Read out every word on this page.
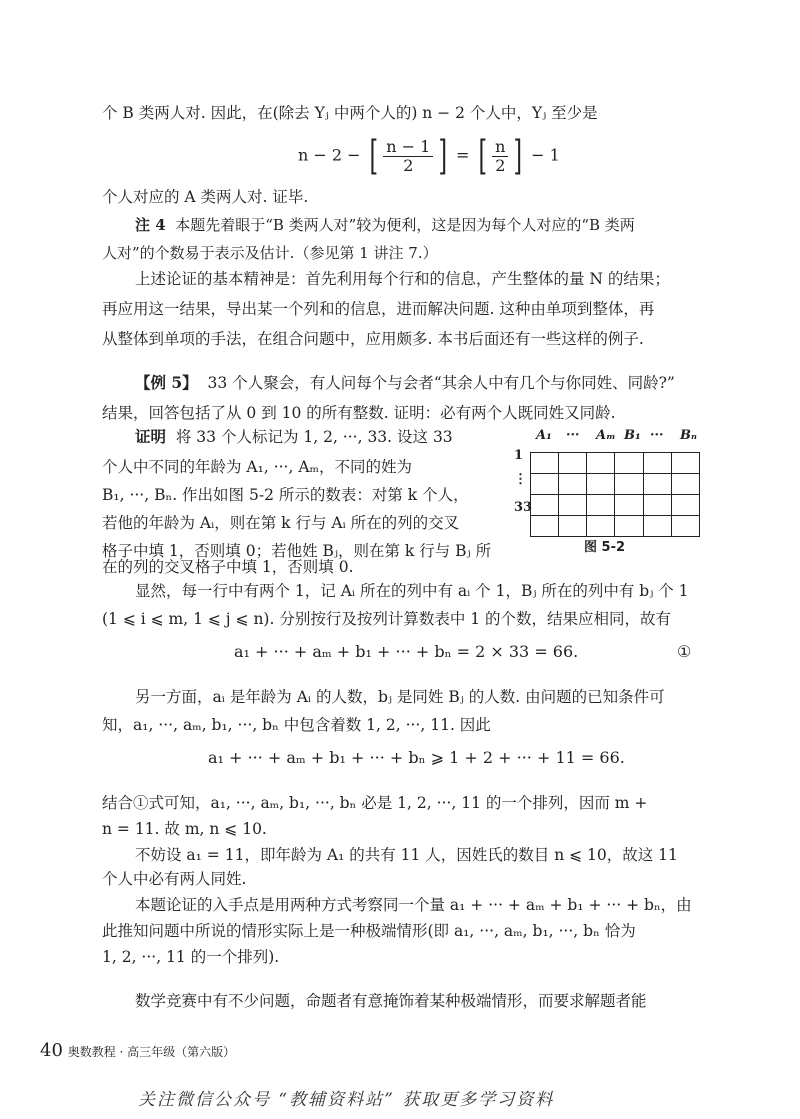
个 B 类两人对. 因此，在(除去 Yⱼ 中两个人的) n − 2 个人中，Yⱼ 至少是
n − 2 − [ $\frac{n - 1}{2}$ ] = [ $\frac{n}{2}$ ] − 1
个人对应的 A 类两人对. 证毕.
注 4 本题先着眼于“B 类两人对”较为便利，这是因为每个人对应的“B 类两
人对”的个数易于表示及估计.（参见第 1 讲注 7.）
上述论证的基本精神是：首先利用每个行和的信息，产生整体的量 N 的结果；
再应用这一结果，导出某一个列和的信息，进而解决问题. 这种由单项到整体，再
从整体到单项的手法，在组合问题中，应用颇多. 本书后面还有一些这样的例子.
【例 5】 33 个人聚会，有人问每个与会者“其余人中有几个与你同姓、同龄?”
结果，回答包括了从 0 到 10 的所有整数. 证明：必有两个人既同姓又同龄.
证明 将 33 个人标记为 1, 2, ···, 33. 设这 33
个人中不同的年龄为 A₁, ···, Aₘ，不同的姓为
B₁, ···, Bₙ. 作出如图 5-2 所示的数表：对第 k 个人，
若他的年龄为 Aᵢ，则在第 k 行与 Aᵢ 所在的列的交叉
格子中填 1，否则填 0；若他姓 Bⱼ，则在第 k 行与 Bⱼ 所
在的列的交叉格子中填 1，否则填 0.
A₁ ··· Aₘ B₁ ··· Bₙ
1
⋮
33

图 5-2
显然，每一行中有两个 1，记 Aᵢ 所在的列中有 aᵢ 个 1，Bⱼ 所在的列中有 bⱼ 个 1
(1 ⩽ i ⩽ m, 1 ⩽ j ⩽ n). 分别按行及按列计算数表中 1 的个数，结果应相同，故有
a₁ + ··· + aₘ + b₁ + ··· + bₙ = 2 × 33 = 66.	①
另一方面，aᵢ 是年龄为 Aᵢ 的人数，bⱼ 是同姓 Bⱼ 的人数. 由问题的已知条件可
知，a₁, ···, aₘ, b₁, ···, bₙ 中包含着数 1, 2, ···, 11. 因此
a₁ + ··· + aₘ + b₁ + ··· + bₙ ⩾ 1 + 2 + ··· + 11 = 66.
结合①式可知，a₁, ···, aₘ, b₁, ···, bₙ 必是 1, 2, ···, 11 的一个排列，因而 m +
n = 11. 故 m, n ⩽ 10.
不妨设 a₁ = 11，即年龄为 A₁ 的共有 11 人，因姓氏的数目 n ⩽ 10，故这 11
个人中必有两人同姓.
本题论证的入手点是用两种方式考察同一个量 a₁ + ··· + aₘ + b₁ + ··· + bₙ，由
此推知问题中所说的情形实际上是一种极端情形(即 a₁, ···, aₘ, b₁, ···, bₙ 恰为
1, 2, ···, 11 的一个排列).
数学竞赛中有不少问题，命题者有意掩饰着某种极端情形，而要求解题者能
40 奥数教程 · 高三年级（第六版）
关注微信公众号 “教辅资料站” 获取更多学习资料
